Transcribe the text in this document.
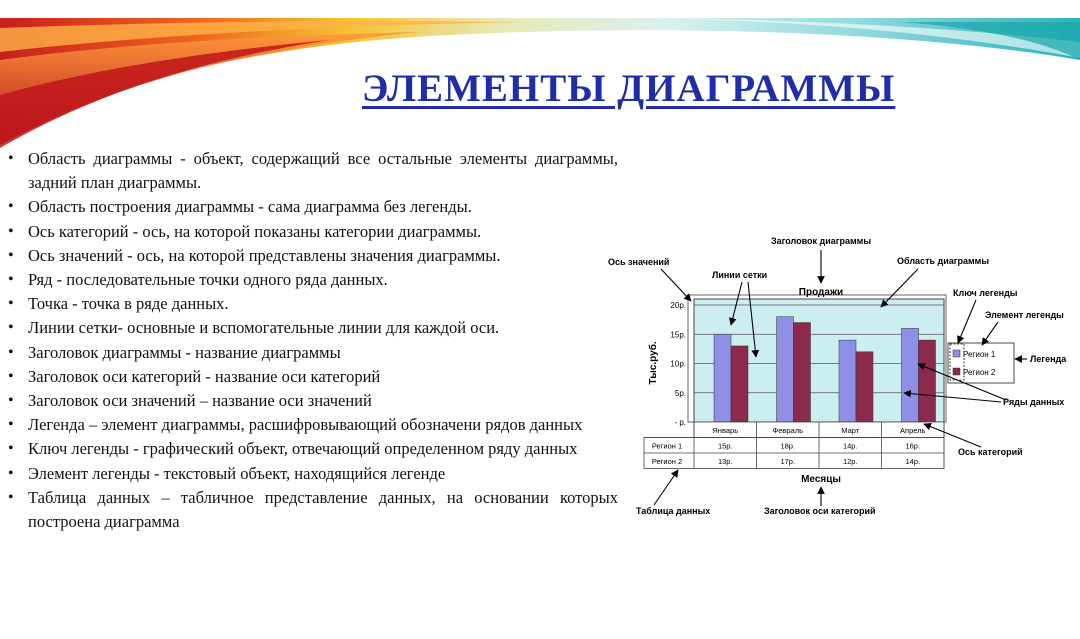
ЭЛЕМЕНТЫ ДИАГРАММЫ
• Область диаграммы - объект, содержащий все остальные элементы диаграммы, задний план диаграммы.
• Область построения диаграммы - сама диаграмма без легенды.
• Ось категорий - ось, на которой показаны категории диаграммы.
• Ось значений - ось, на которой представлены значения диаграммы.
• Ряд - последовательные точки одного ряда данных.
• Точка - точка в ряде данных.
• Линии сетки- основные и вспомогательные линии для каждой оси.
• Заголовок диаграммы - название диаграммы
• Заголовок оси категорий - название оси категорий
• Заголовок оси значений – название оси значений
• Легенда – элемент диаграммы, расшифровывающий обозначени рядов данных
• Ключ легенды - графический объект, отвечающий определенном ряду данных
• Элемент легенды - текстовый объект, находящийся легенде
• Таблица данных – табличное представление данных, на основании которых построена диаграмма
20р.
15р.
10р.
5р.
- р.
Продажи
Тыс.руб.
Январь	Февраль	Март	Апрель
Регион 1	15р.	18р.	14р.	16р.
Регион 2	13р.	17р.	12р.	14р.
Месяцы
Регион 1
Регион 2
Заголовок диаграммы
Ось значений
Линии сетки
Область диаграммы
Ключ легенды
Элемент легенды
Легенда
Ряды данных
Ось категорий
Таблица данных	Заголовок оси категорий
